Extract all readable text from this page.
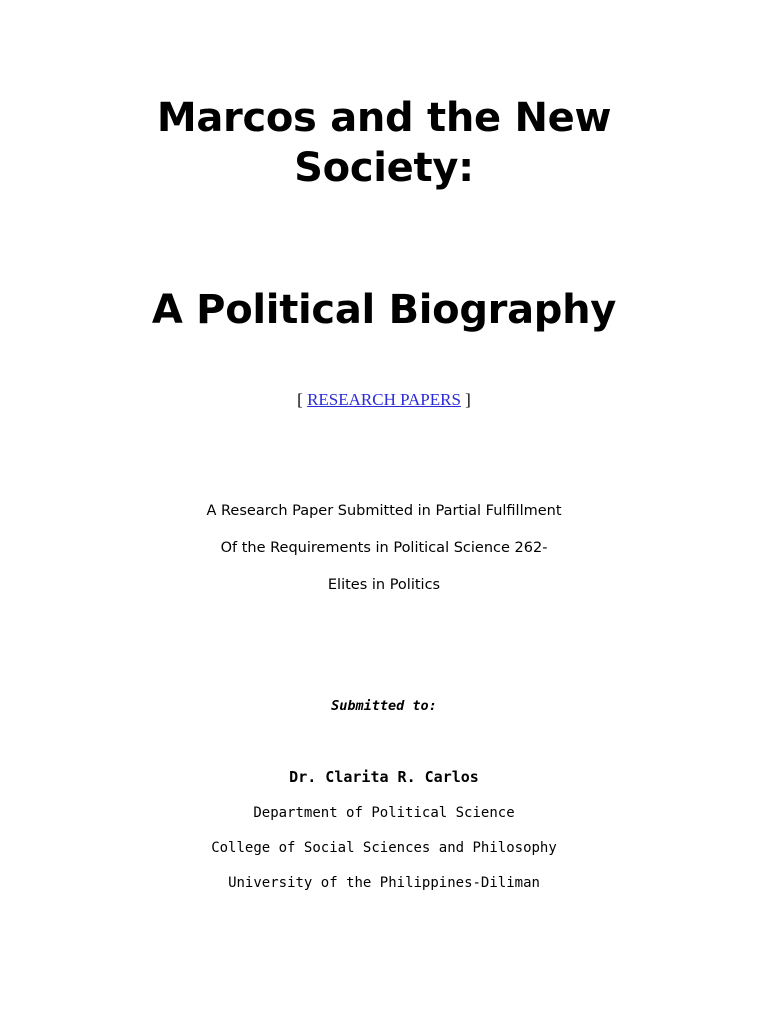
Marcos and the New
Society:
A Political Biography
[ RESEARCH PAPERS ]
A Research Paper Submitted in Partial Fulfillment
Of the Requirements in Political Science 262-
Elites in Politics
Submitted to:
Dr. Clarita R. Carlos
Department of Political Science
College of Social Sciences and Philosophy
University of the Philippines-Diliman
